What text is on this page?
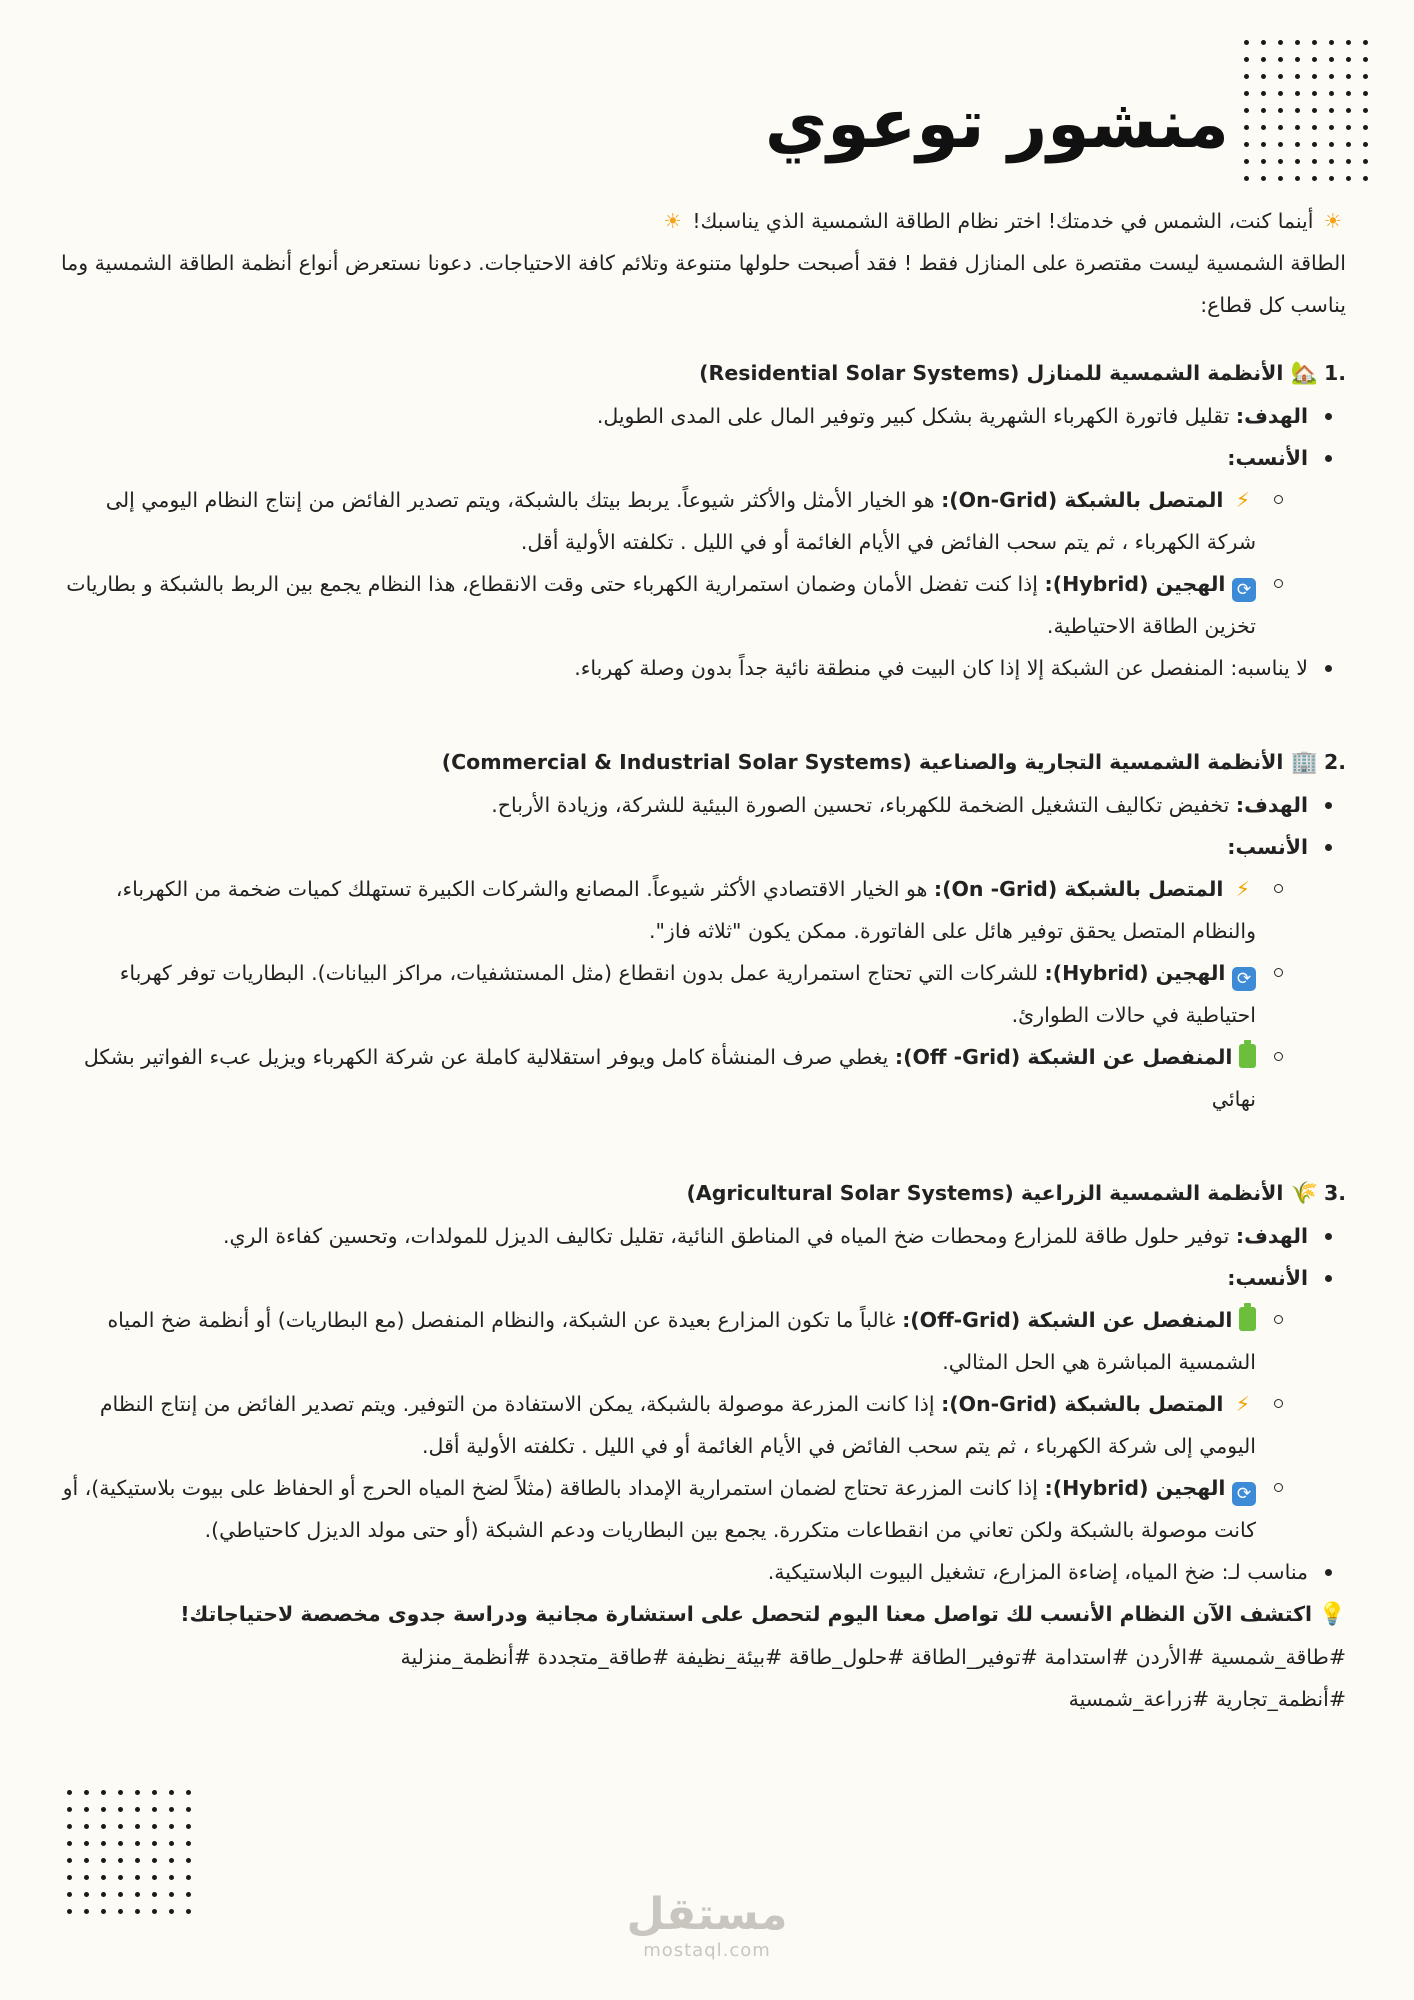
منشور توعوي

☀ أينما كنت، الشمس في خدمتك! اختر نظام الطاقة الشمسية الذي يناسبك! ☀

الطاقة الشمسية ليست مقتصرة على المنازل فقط ! فقد أصبحت حلولها متنوعة وتلائم كافة الاحتياجات. دعونا نستعرض أنواع أنظمة الطاقة الشمسية وما يناسب كل قطاع:

.1🏡 الأنظمة الشمسية للمنازل (Residential Solar Systems)

الهدف: تقليل فاتورة الكهرباء الشهرية بشكل كبير وتوفير المال على المدى الطويل.
الأنسب:
⚡ المتصل بالشبكة (On-Grid): هو الخيار الأمثل والأكثر شيوعاً. يربط بيتك بالشبكة، ويتم تصدير الفائض من إنتاج النظام اليومي إلى شركة الكهرباء ، ثم يتم سحب الفائض في الأيام الغائمة أو في الليل . تكلفته الأولية أقل.
⟳ الهجين (Hybrid): إذا كنت تفضل الأمان وضمان استمرارية الكهرباء حتى وقت الانقطاع، هذا النظام يجمع بين الربط بالشبكة و بطاريات تخزين الطاقة الاحتياطية.
لا يناسبه: المنفصل عن الشبكة إلا إذا كان البيت في منطقة نائية جداً بدون وصلة كهرباء.

.2🏢 الأنظمة الشمسية التجارية والصناعية (Commercial & Industrial Solar Systems)

الهدف: تخفيض تكاليف التشغيل الضخمة للكهرباء، تحسين الصورة البيئية للشركة، وزيادة الأرباح.
الأنسب:
⚡ المتصل بالشبكة (On -Grid): هو الخيار الاقتصادي الأكثر شيوعاً. المصانع والشركات الكبيرة تستهلك كميات ضخمة من الكهرباء، والنظام المتصل يحقق توفير هائل على الفاتورة. ممكن يكون "ثلاثه فاز".
⟳ الهجين (Hybrid): للشركات التي تحتاج استمرارية عمل بدون انقطاع (مثل المستشفيات، مراكز البيانات). البطاريات توفر كهرباء احتياطية في حالات الطوارئ.
المنفصل عن الشبكة (Off -Grid): يغطي صرف المنشأة كامل ويوفر استقلالية كاملة عن شركة الكهرباء ويزيل عبء الفواتير بشكل نهائي

.3🌾 الأنظمة الشمسية الزراعية (Agricultural Solar Systems)

الهدف: توفير حلول طاقة للمزارع ومحطات ضخ المياه في المناطق النائية، تقليل تكاليف الديزل للمولدات، وتحسين كفاءة الري.
الأنسب:
المنفصل عن الشبكة (Off-Grid): غالباً ما تكون المزارع بعيدة عن الشبكة، والنظام المنفصل (مع البطاريات) أو أنظمة ضخ المياه الشمسية المباشرة هي الحل المثالي.
⚡ المتصل بالشبكة (On-Grid): إذا كانت المزرعة موصولة بالشبكة، يمكن الاستفادة من التوفير. ويتم تصدير الفائض من إنتاج النظام اليومي إلى شركة الكهرباء ، ثم يتم سحب الفائض في الأيام الغائمة أو في الليل . تكلفته الأولية أقل.
⟳ الهجين (Hybrid): إذا كانت المزرعة تحتاج لضمان استمرارية الإمداد بالطاقة (مثلاً لضخ المياه الحرج أو الحفاظ على بيوت بلاستيكية)، أو كانت موصولة بالشبكة ولكن تعاني من انقطاعات متكررة. يجمع بين البطاريات ودعم الشبكة (أو حتى مولد الديزل كاحتياطي).
مناسب لـ: ضخ المياه، إضاءة المزارع، تشغيل البيوت البلاستيكية.

💡 اكتشف الآن النظام الأنسب لك تواصل معنا اليوم لتحصل على استشارة مجانية ودراسة جدوى مخصصة لاحتياجاتك!

#طاقة_شمسية #الأردن #استدامة #توفير_الطاقة #حلول_طاقة #بيئة_نظيفة #طاقة_متجددة #أنظمة_منزلية

#أنظمة_تجارية #زراعة_شمسية

مستقل
mostaql.com
